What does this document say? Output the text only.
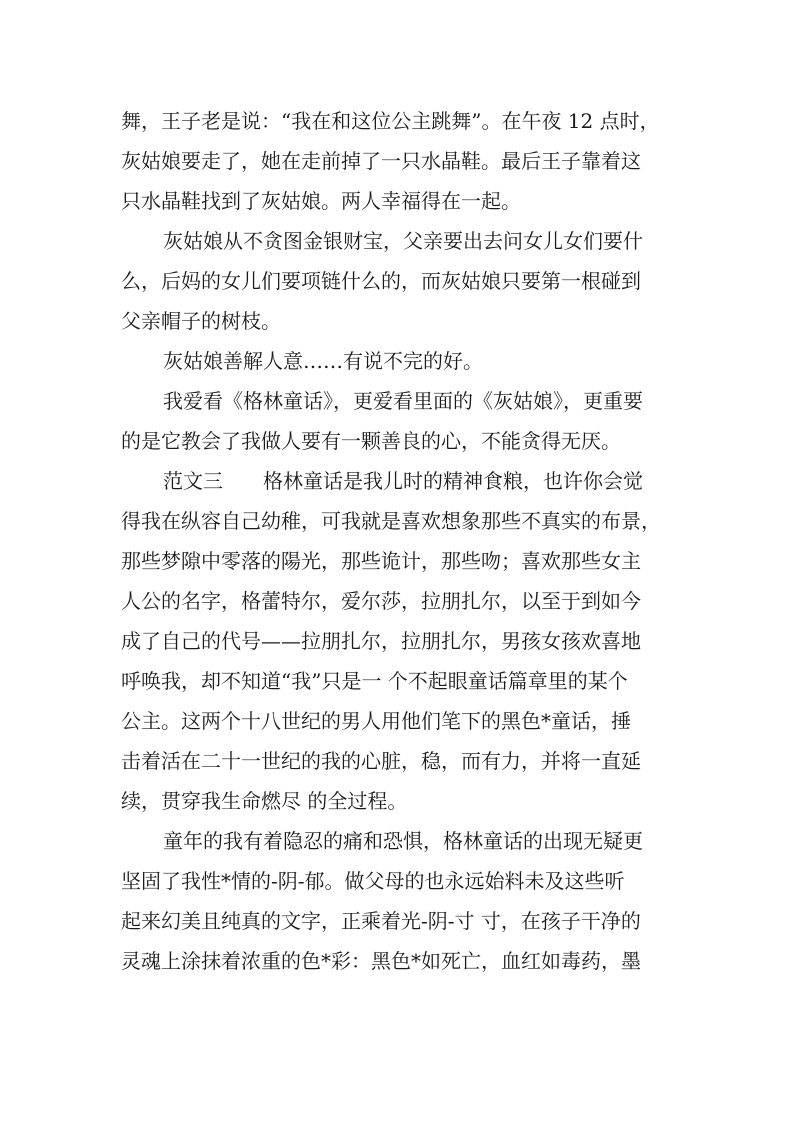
舞，王子老是说：“我在和这位公主跳舞”。在午夜 12 点时，
灰姑娘要走了，她在走前掉了一只水晶鞋。最后王子靠着这
只水晶鞋找到了灰姑娘。两人幸福得在一起。

灰姑娘从不贪图金银财宝，父亲要出去问女儿女们要什
么，后妈的女儿们要项链什么的，而灰姑娘只要第一根碰到
父亲帽子的树枝。

灰姑娘善解人意……有说不完的好。

我爱看《格林童话》，更爱看里面的《灰姑娘》，更重要
的是它教会了我做人要有一颗善良的心，不能贪得无厌。

范文三　　格林童话是我儿时的精神食粮，也许你会觉
得我在纵容自己幼稚，可我就是喜欢想象那些不真实的布景，
那些梦隙中零落的陽光，那些诡计，那些吻；喜欢那些女主
人公的名字，格蕾特尔，爱尔莎，拉朋扎尔，以至于到如今
成了自己的代号——拉朋扎尔，拉朋扎尔，男孩女孩欢喜地
呼唤我，却不知道“我”只是一 个不起眼童话篇章里的某个
公主。这两个十八世纪的男人用他们笔下的黑色*童话，捶
击着活在二十一世纪的我的心脏，稳，而有力，并将一直延
续，贯穿我生命燃尽 的全过程。

童年的我有着隐忍的痛和恐惧，格林童话的出现无疑更
坚固了我性*情的-阴-郁。做父母的也永远始料未及这些听
起来幻美且纯真的文字，正乘着光-阴-寸 寸，在孩子干净的
灵魂上涂抹着浓重的色*彩：黑色*如死亡，血红如毒药，墨
